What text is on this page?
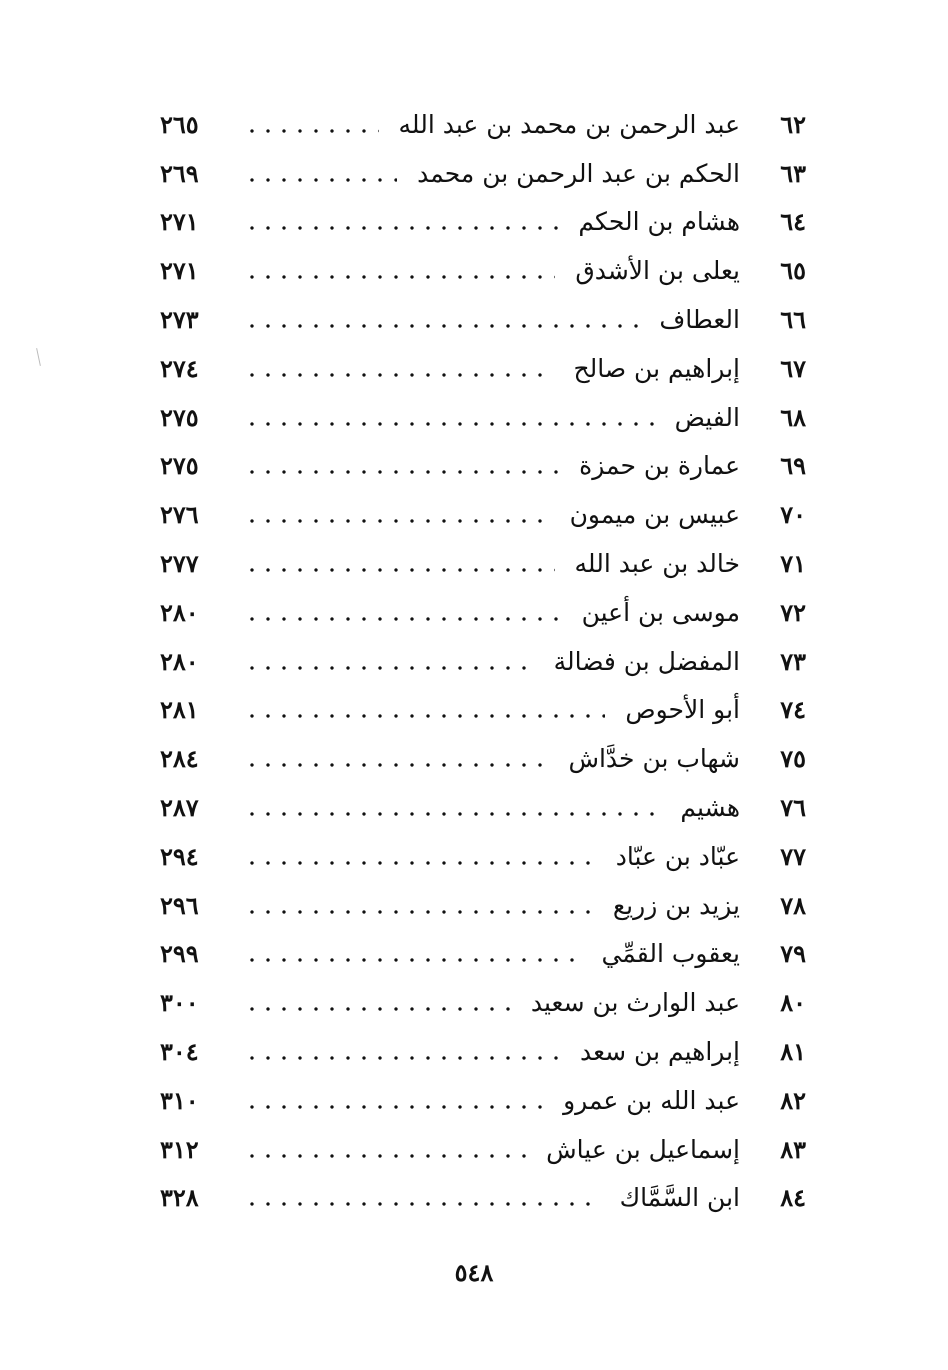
٦٢
عبد الرحمن بن محمد بن عبد الله
٢٦٥
٦٣
الحكم بن عبد الرحمن بن محمد
٢٦٩
٦٤
هشام بن الحكم
٢٧١
٦٥
يعلى بن الأشدق
٢٧١
٦٦
العطاف
٢٧٣
٦٧
إبراهيم بن صالح
٢٧٤
٦٨
الفيض
٢٧٥
٦٩
عمارة بن حمزة
٢٧٥
٧٠
عبيس بن ميمون
٢٧٦
٧١
خالد بن عبد الله
٢٧٧
٧٢
موسى بن أعين
٢٨٠
٧٣
المفضل بن فضالة
٢٨٠
٧٤
أبو الأحوص
٢٨١
٧٥
شهاب بن خدَّاش
٢٨٤
٧٦
هشيم
٢٨٧
٧٧
عبّاد بن عبّاد
٢٩٤
٧٨
يزيد بن زريع
٢٩٦
٧٩
يعقوب القمِّي
٢٩٩
٨٠
عبد الوارث بن سعيد
٣٠٠
٨١
إبراهيم بن سعد
٣٠٤
٨٢
عبد الله بن عمرو
٣١٠
٨٣
إسماعيل بن عياش
٣١٢
٨٤
ابن السَّمَّاك
٣٢٨
٥٤٨
